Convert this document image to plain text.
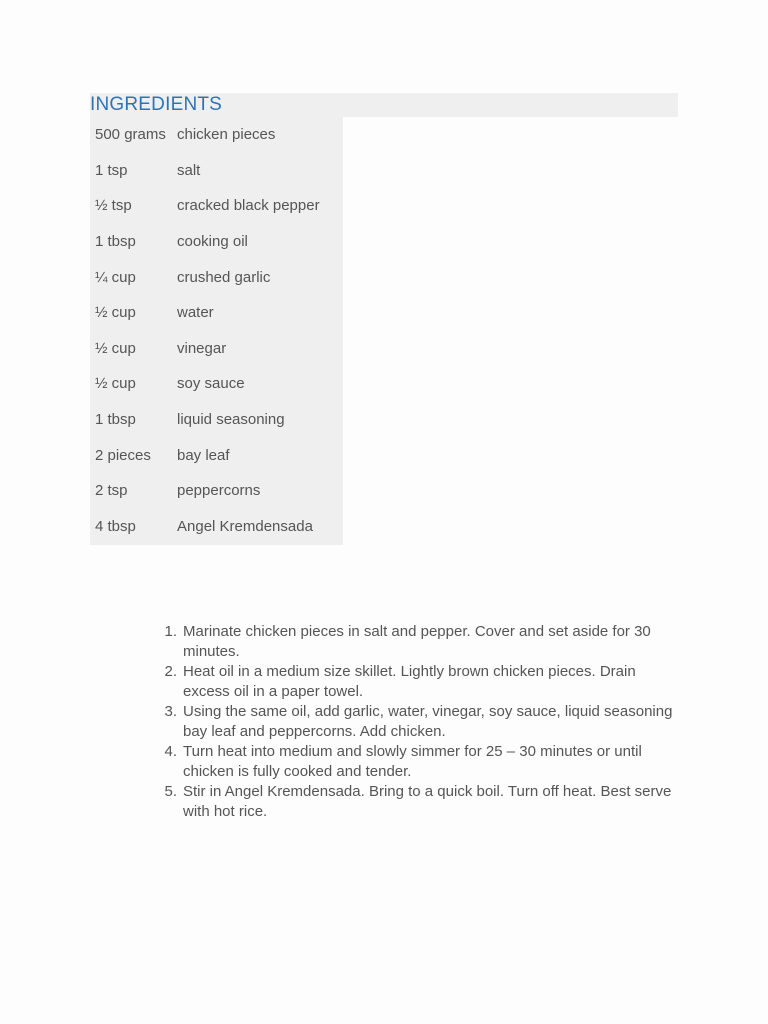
INGREDIENTS
500 grams chicken pieces
1 tsp	salt
½ tsp	cracked black pepper
1 tbsp	cooking oil
¼ cup	crushed garlic
½ cup	water
½ cup	vinegar
½ cup	soy sauce
1 tbsp	liquid seasoning
2 pieces	bay leaf
2 tsp	peppercorns
4 tbsp	Angel Kremdensada
1. Marinate chicken pieces in salt and pepper. Cover and set aside for 30 minutes.
2. Heat oil in a medium size skillet. Lightly brown chicken pieces. Drain excess oil in a paper towel.
3. Using the same oil, add garlic, water, vinegar, soy sauce, liquid seasoning bay leaf and peppercorns. Add chicken.
4. Turn heat into medium and slowly simmer for 25 – 30 minutes or until chicken is fully cooked and tender.
5. Stir in Angel Kremdensada. Bring to a quick boil. Turn off heat. Best serve with hot rice.
